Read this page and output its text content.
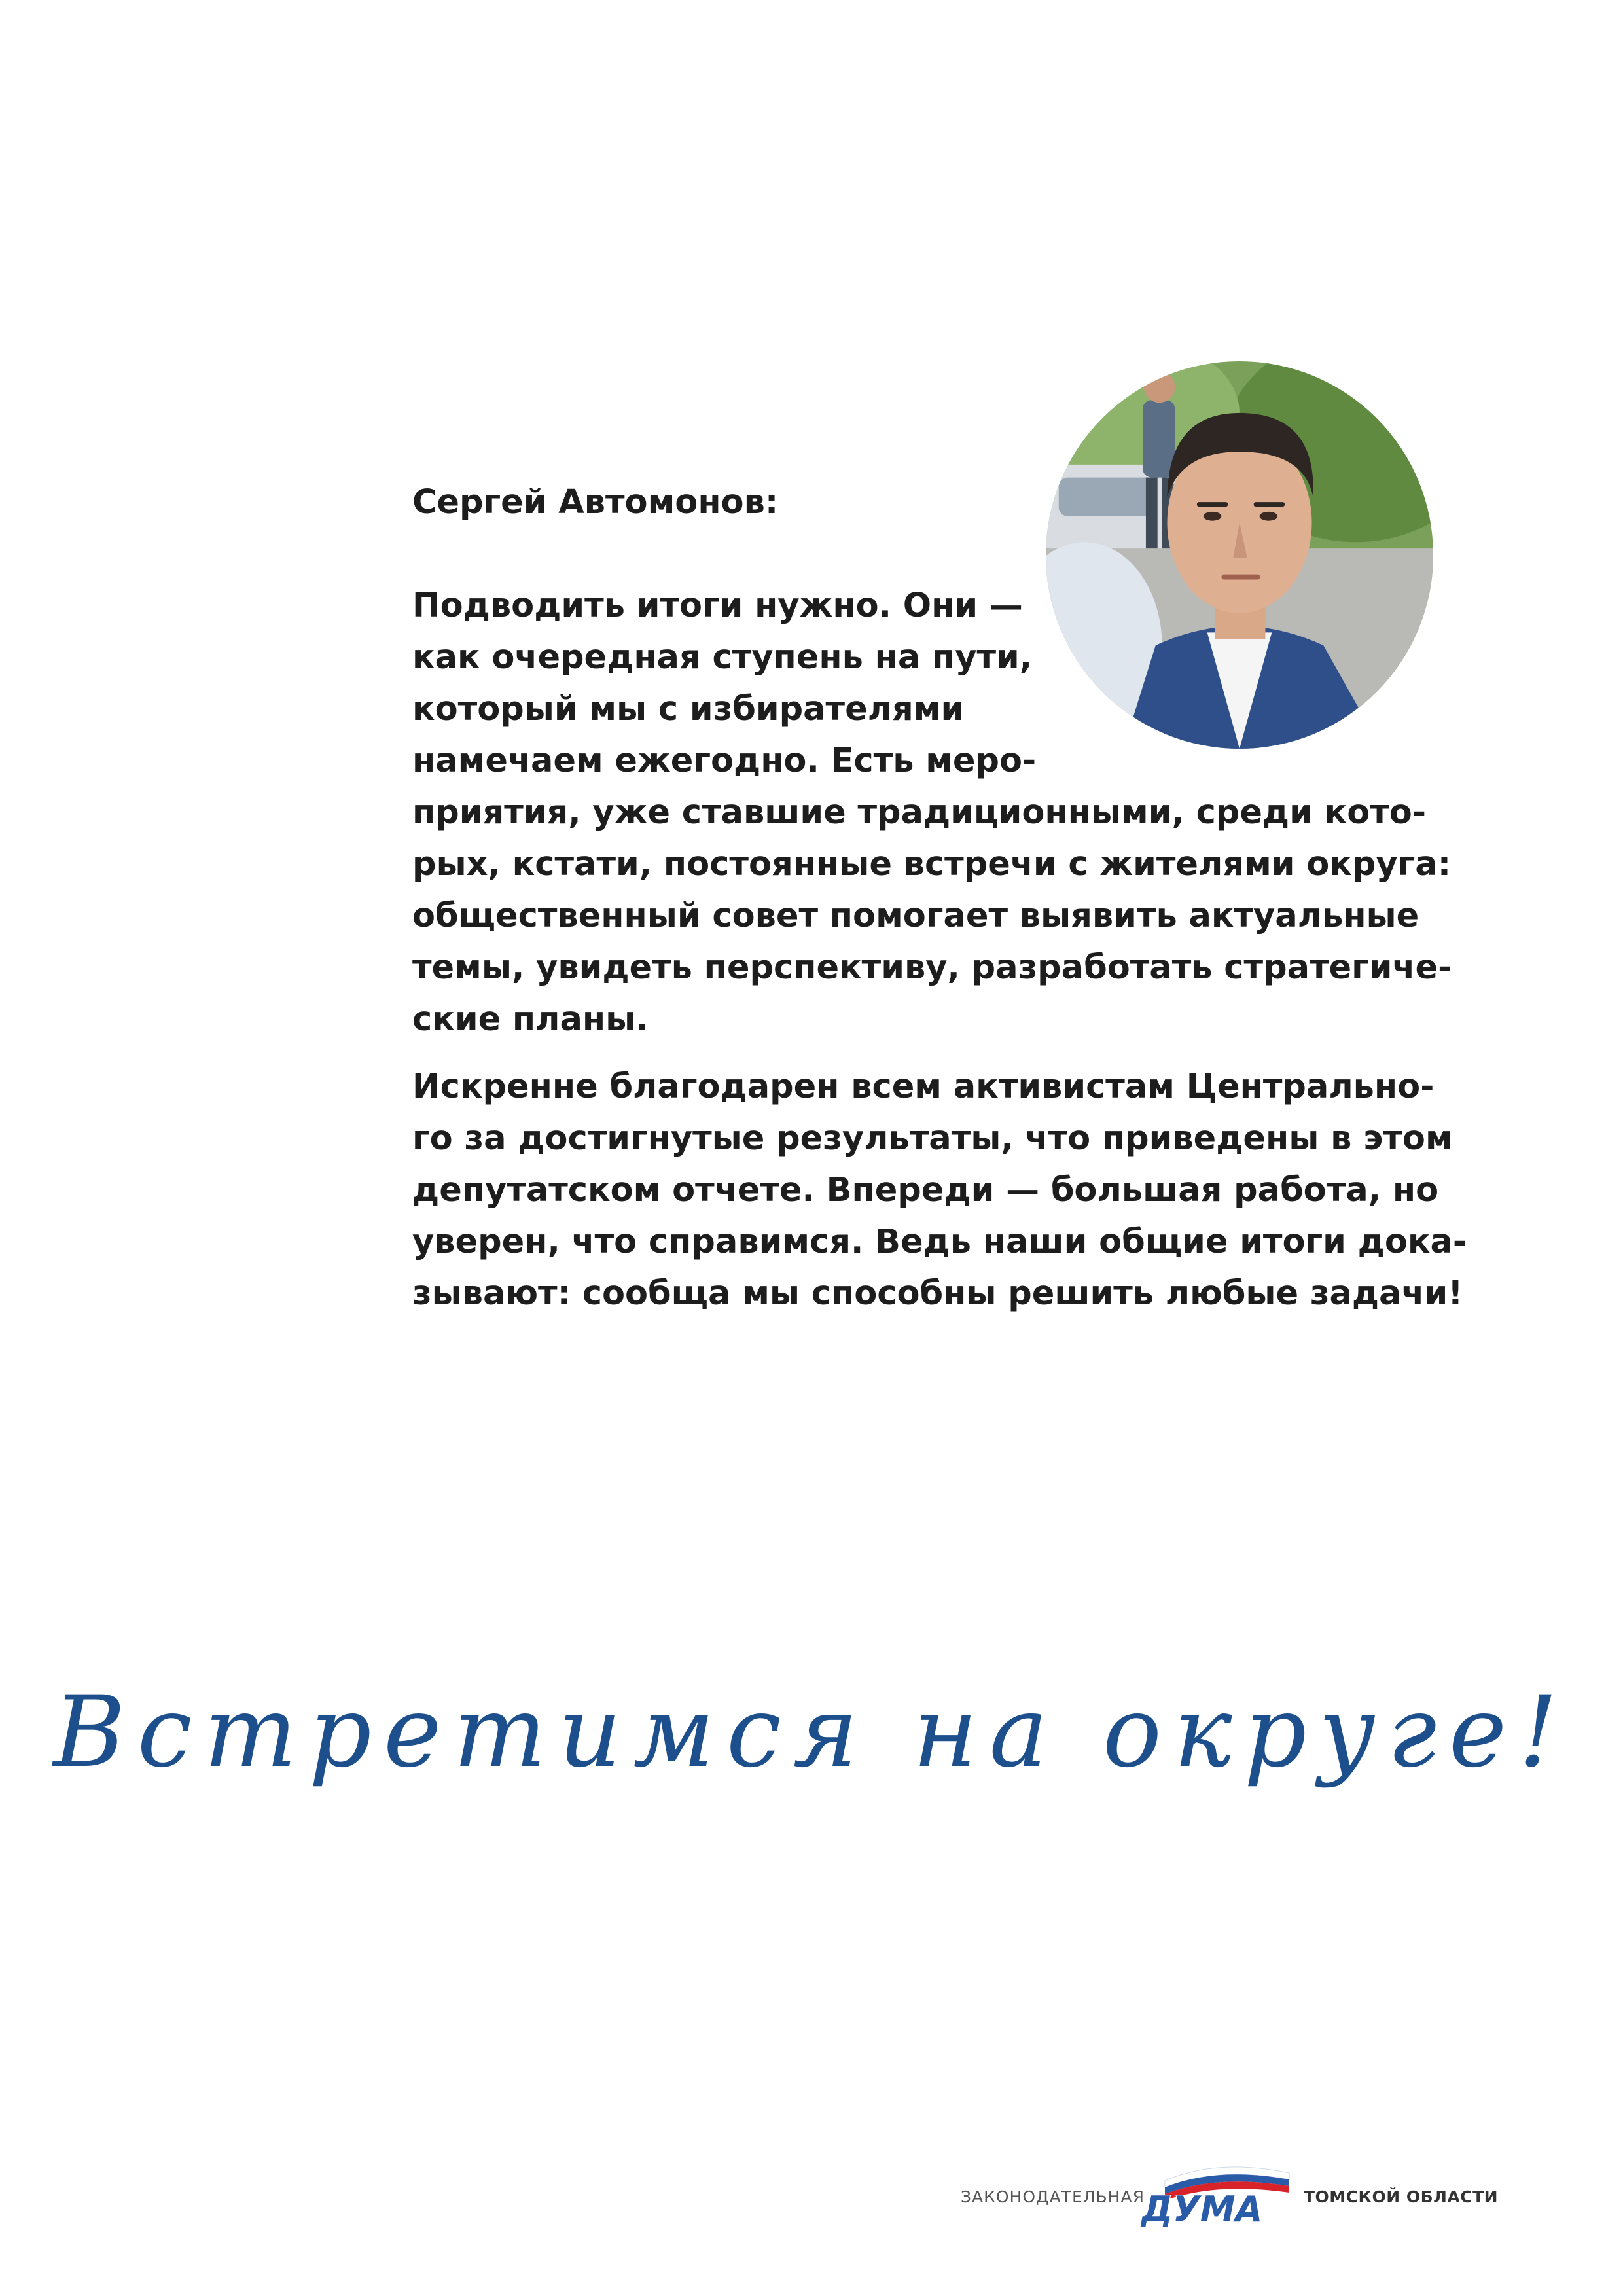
Сергей Автомонов:
Подводить итоги нужно. Они —
как очередная ступень на пути,
который мы с избирателями
намечаем ежегодно. Есть меро-
приятия, уже ставшие традиционными, среди кото-
рых, кстати, постоянные встречи с жителями округа:
общественный совет помогает выявить актуальные
темы, увидеть перспективу, разработать стратегиче-
ские планы.
Искренне благодарен всем активистам Центрально-
го за достигнутые результаты, что приведены в этом
депутатском отчете. Впереди — большая работа, но
уверен, что справимся. Ведь наши общие итоги дока-
зывают: сообща мы способны решить любые задачи!
Встретимся на округе!
ЗАКОНОДАТЕЛЬНАЯ
ДУМА	ТОМСКОЙ ОБЛАСТИ
